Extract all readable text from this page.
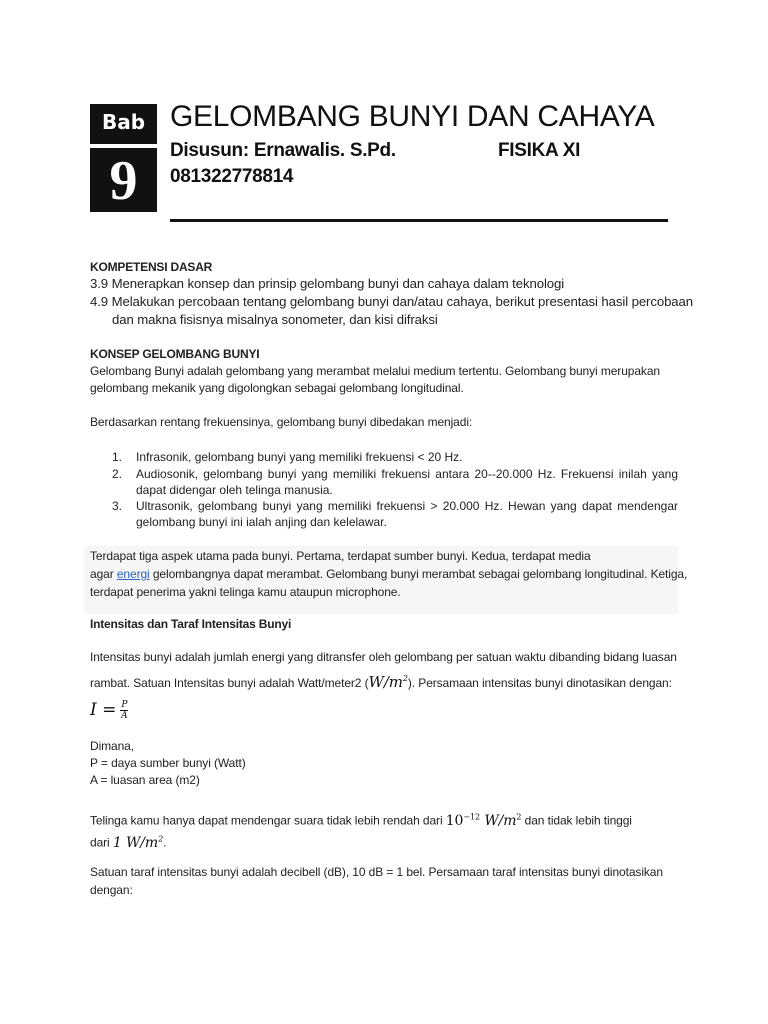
Bab
9
GELOMBANG BUNYI DAN CAHAYA
Disusun: Ernawalis. S.Pd.	FISIKA XI
081322778814
KOMPETENSI DASAR
3.9 Menerapkan konsep dan prinsip gelombang bunyi dan cahaya dalam teknologi
4.9 Melakukan percobaan tentang gelombang bunyi dan/atau cahaya, berikut presentasi hasil percobaan
dan makna fisisnya misalnya sonometer, dan kisi difraksi
KONSEP GELOMBANG BUNYI
Gelombang Bunyi adalah gelombang yang merambat melalui medium tertentu. Gelombang bunyi merupakan
gelombang mekanik yang digolongkan sebagai gelombang longitudinal.
Berdasarkan rentang frekuensinya, gelombang bunyi dibedakan menjadi:
1. Infrasonik, gelombang bunyi yang memiliki frekuensi < 20 Hz.
2. Audiosonik, gelombang bunyi yang memiliki frekuensi antara 20--20.000 Hz. Frekuensi inilah yang dapat didengar oleh telinga manusia.
3. Ultrasonik, gelombang bunyi yang memiliki frekuensi > 20.000 Hz. Hewan yang dapat mendengar gelombang bunyi ini ialah anjing dan kelelawar.
Terdapat tiga aspek utama pada bunyi. Pertama, terdapat sumber bunyi. Kedua, terdapat media
agar energi gelombangnya dapat merambat. Gelombang bunyi merambat sebagai gelombang longitudinal. Ketiga,
terdapat penerima yakni telinga kamu ataupun microphone.
Intensitas dan Taraf Intensitas Bunyi
Intensitas bunyi adalah jumlah energi yang ditransfer oleh gelombang per satuan waktu dibanding bidang luasan
rambat. Satuan Intensitas bunyi adalah Watt/meter2 $(W/m^2)$. Persamaan intensitas bunyi dinotasikan dengan:
$I = \frac{P}{A}$
Dimana,
P = daya sumber bunyi (Watt)
A = luasan area (m2)
Telinga kamu hanya dapat mendengar suara tidak lebih rendah dari $10^{-12}$ $W/m^2$ dan tidak lebih tinggi
dari 1 $W/m^2$.
Satuan taraf intensitas bunyi adalah decibell (dB), 10 dB = 1 bel. Persamaan taraf intensitas bunyi dinotasikan
dengan:
